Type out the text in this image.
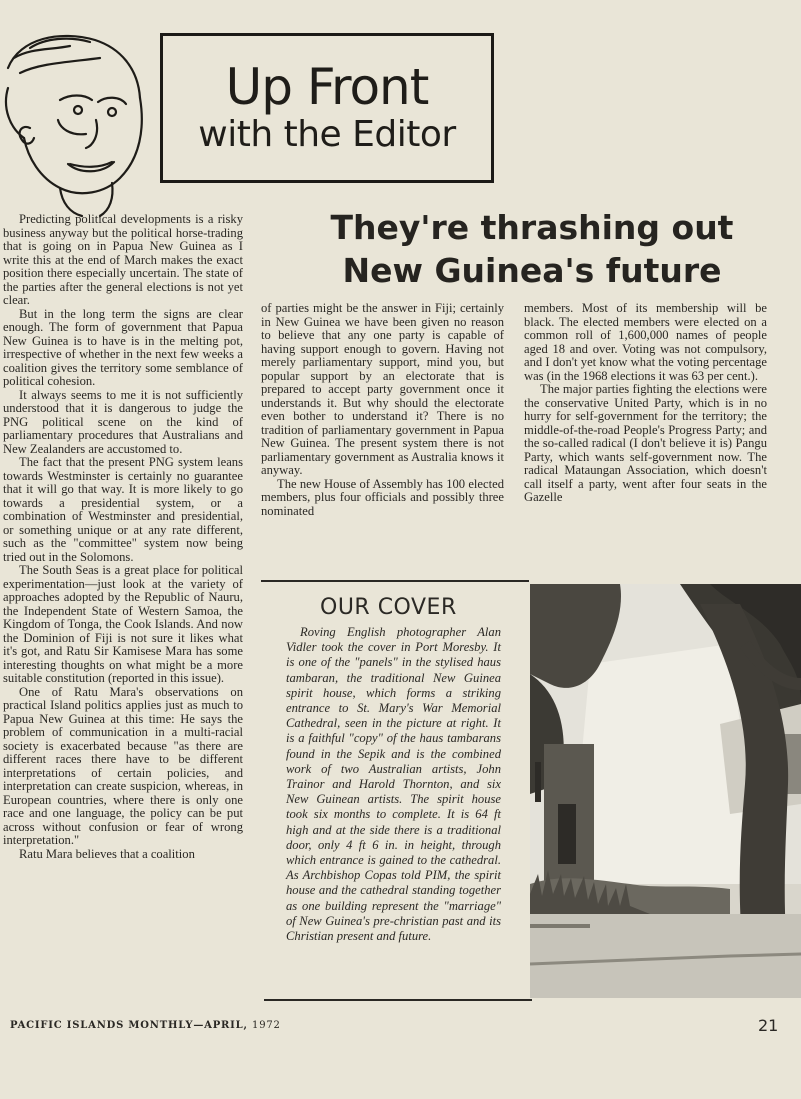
Up Front
with the Editor
They're thrashing out
New Guinea's future

Predicting political developments is a risky business anyway but the political horse-trading that is going on in Papua New Guinea as I write this at the end of March makes the exact position there especially uncertain. The state of the parties after the general elections is not yet clear.

But in the long term the signs are clear enough. The form of government that Papua New Guinea is to have is in the melting pot, irrespective of whether in the next few weeks a coalition gives the territory some semblance of political cohesion.

It always seems to me it is not sufficiently understood that it is dangerous to judge the PNG political scene on the kind of parliamentary procedures that Australians and New Zealanders are accustomed to.

The fact that the present PNG system leans towards Westminster is certainly no guarantee that it will go that way. It is more likely to go towards a presidential system, or a combination of Westminster and presidential, or something unique or at any rate different, such as the "committee" system now being tried out in the Solomons.

The South Seas is a great place for political experimentation—just look at the variety of approaches adopted by the Republic of Nauru, the Independent State of Western Samoa, the Kingdom of Tonga, the Cook Islands. And now the Dominion of Fiji is not sure it likes what it's got, and Ratu Sir Kamisese Mara has some interesting thoughts on what might be a more suitable constitution (reported in this issue).

One of Ratu Mara's observations on practical Island politics applies just as much to Papua New Guinea at this time: He says the problem of communication in a multi-racial society is exacerbated because "as there are different races there have to be different interpretations of certain policies, and interpretation can create suspicion, whereas, in European countries, where there is only one race and one language, the policy can be put across without confusion or fear of wrong interpretation."

Ratu Mara believes that a coalition

of parties might be the answer in Fiji; certainly in New Guinea we have been given no reason to believe that any one party is capable of having support enough to govern. Having not merely parliamentary support, mind you, but popular support by an electorate that is prepared to accept party government once it understands it. But why should the electorate even bother to understand it? There is no tradition of parliamentary government in Papua New Guinea. The present system there is not parliamentary government as Australia knows it anyway.

The new House of Assembly has 100 elected members, plus four officials and possibly three nominated

members. Most of its membership will be black. The elected members were elected on a common roll of 1,600,000 names of people aged 18 and over. Voting was not compulsory, and I don't yet know what the voting percentage was (in the 1968 elections it was 63 per cent.).

The major parties fighting the elections were the conservative United Party, which is in no hurry for self-government for the territory; the middle-of-the-road People's Progress Party; and the so-called radical (I don't believe it is) Pangu Party, which wants self-government now. The radical Mataungan Association, which doesn't call itself a party, went after four seats in the Gazelle

OUR COVER

Roving English photographer Alan Vidler took the cover in Port Moresby. It is one of the "panels" in the stylised haus tambaran, the traditional New Guinea spirit house, which forms a striking entrance to St. Mary's War Memorial Cathedral, seen in the picture at right. It is a faithful "copy" of the haus tambarans found in the Sepik and is the combined work of two Australian artists, John Trainor and Harold Thornton, and six New Guinean artists. The spirit house took six months to complete. It is 64 ft high and at the side there is a traditional door, only 4 ft 6 in. in height, through which entrance is gained to the cathedral. As Archbishop Copas told PIM, the spirit house and the cathedral standing together as one building represent the "marriage" of New Guinea's pre-christian past and its Christian present and future.

PACIFIC ISLANDS MONTHLY—APRIL, 1972	21
